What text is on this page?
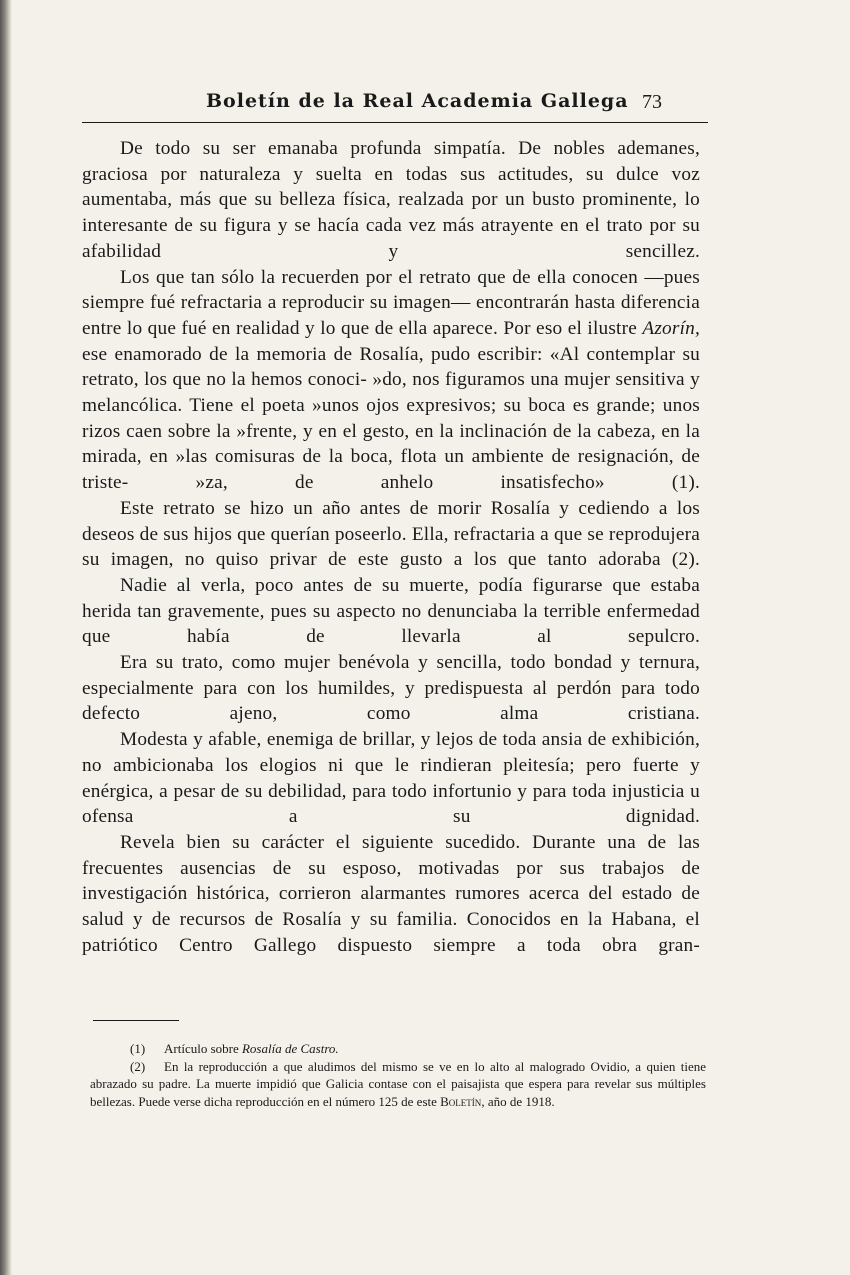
Boletín de la Real Academia Gallega 73

De todo su ser emanaba profunda simpatía. De nobles ademanes, graciosa por naturaleza y suelta en todas sus actitudes, su dulce voz aumentaba, más que su belleza física, realzada por un busto prominente, lo interesante de su figura y se hacía cada vez más atrayente en el trato por su afabilidad y sencillez.

Los que tan sólo la recuerden por el retrato que de ella conocen —pues siempre fué refractaria a reproducir su imagen— encontrarán hasta diferencia entre lo que fué en realidad y lo que de ella aparece. Por eso el ilustre Azorín, ese enamorado de la memoria de Rosalía, pudo escribir: «Al contemplar su retrato, los que no la hemos conoci- »do, nos figuramos una mujer sensitiva y melancólica. Tiene el poeta »unos ojos expresivos; su boca es grande; unos rizos caen sobre la »frente, y en el gesto, en la inclinación de la cabeza, en la mirada, en »las comisuras de la boca, flota un ambiente de resignación, de triste- »za, de anhelo insatisfecho» (1).

Este retrato se hizo un año antes de morir Rosalía y cediendo a los deseos de sus hijos que querían poseerlo. Ella, refractaria a que se reprodujera su imagen, no quiso privar de este gusto a los que tanto adoraba (2).

Nadie al verla, poco antes de su muerte, podía figurarse que estaba herida tan gravemente, pues su aspecto no denunciaba la terrible enfermedad que había de llevarla al sepulcro.

Era su trato, como mujer benévola y sencilla, todo bondad y ternura, especialmente para con los humildes, y predispuesta al perdón para todo defecto ajeno, como alma cristiana.

Modesta y afable, enemiga de brillar, y lejos de toda ansia de exhibición, no ambicionaba los elogios ni que le rindieran pleitesía; pero fuerte y enérgica, a pesar de su debilidad, para todo infortunio y para toda injusticia u ofensa a su dignidad.

Revela bien su carácter el siguiente sucedido. Durante una de las frecuentes ausencias de su esposo, motivadas por sus trabajos de investigación histórica, corrieron alarmantes rumores acerca del estado de salud y de recursos de Rosalía y su familia. Conocidos en la Habana, el patriótico Centro Gallego dispuesto siempre a toda obra gran-

(1) Artículo sobre Rosalía de Castro.

(2) En la reproducción a que aludimos del mismo se ve en lo alto al malogrado Ovidio, a quien tiene abrazado su padre. La muerte impidió que Galicia contase con el paisajista que espera para revelar sus múltiples bellezas. Puede verse dicha reproducción en el número 125 de este Boletín, año de 1918.
